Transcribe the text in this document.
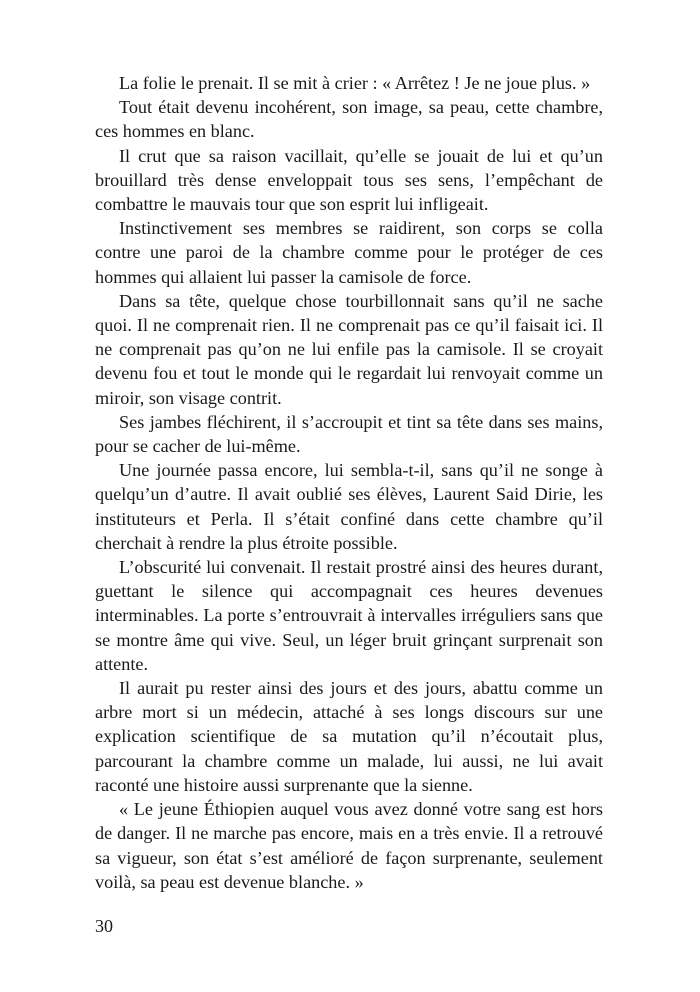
La folie le prenait. Il se mit à crier : « Arrêtez ! Je ne joue plus. »

Tout était devenu incohérent, son image, sa peau, cette chambre, ces hommes en blanc.

Il crut que sa raison vacillait, qu’elle se jouait de lui et qu’un brouillard très dense enveloppait tous ses sens, l’empêchant de combattre le mauvais tour que son esprit lui infligeait.

Instinctivement ses membres se raidirent, son corps se colla contre une paroi de la chambre comme pour le protéger de ces hommes qui allaient lui passer la camisole de force.

Dans sa tête, quelque chose tourbillonnait sans qu’il ne sache quoi. Il ne comprenait rien. Il ne comprenait pas ce qu’il faisait ici. Il ne comprenait pas qu’on ne lui enfile pas la camisole. Il se croyait devenu fou et tout le monde qui le regardait lui renvoyait comme un miroir, son visage contrit.

Ses jambes fléchirent, il s’accroupit et tint sa tête dans ses mains, pour se cacher de lui-même.

Une journée passa encore, lui sembla-t-il, sans qu’il ne songe à quelqu’un d’autre. Il avait oublié ses élèves, Laurent Said Dirie, les instituteurs et Perla. Il s’était confiné dans cette chambre qu’il cherchait à rendre la plus étroite possible.

L’obscurité lui convenait. Il restait prostré ainsi des heures durant, guettant le silence qui accompagnait ces heures devenues interminables. La porte s’entrouvrait à intervalles irréguliers sans que se montre âme qui vive. Seul, un léger bruit grinçant surprenait son attente.

Il aurait pu rester ainsi des jours et des jours, abattu comme un arbre mort si un médecin, attaché à ses longs discours sur une explication scientifique de sa mutation qu’il n’écoutait plus, parcourant la chambre comme un malade, lui aussi, ne lui avait raconté une histoire aussi surprenante que la sienne.

« Le jeune Éthiopien auquel vous avez donné votre sang est hors de danger. Il ne marche pas encore, mais en a très envie. Il a retrouvé sa vigueur, son état s’est amélioré de façon surprenante, seulement voilà, sa peau est devenue blanche. »

30
